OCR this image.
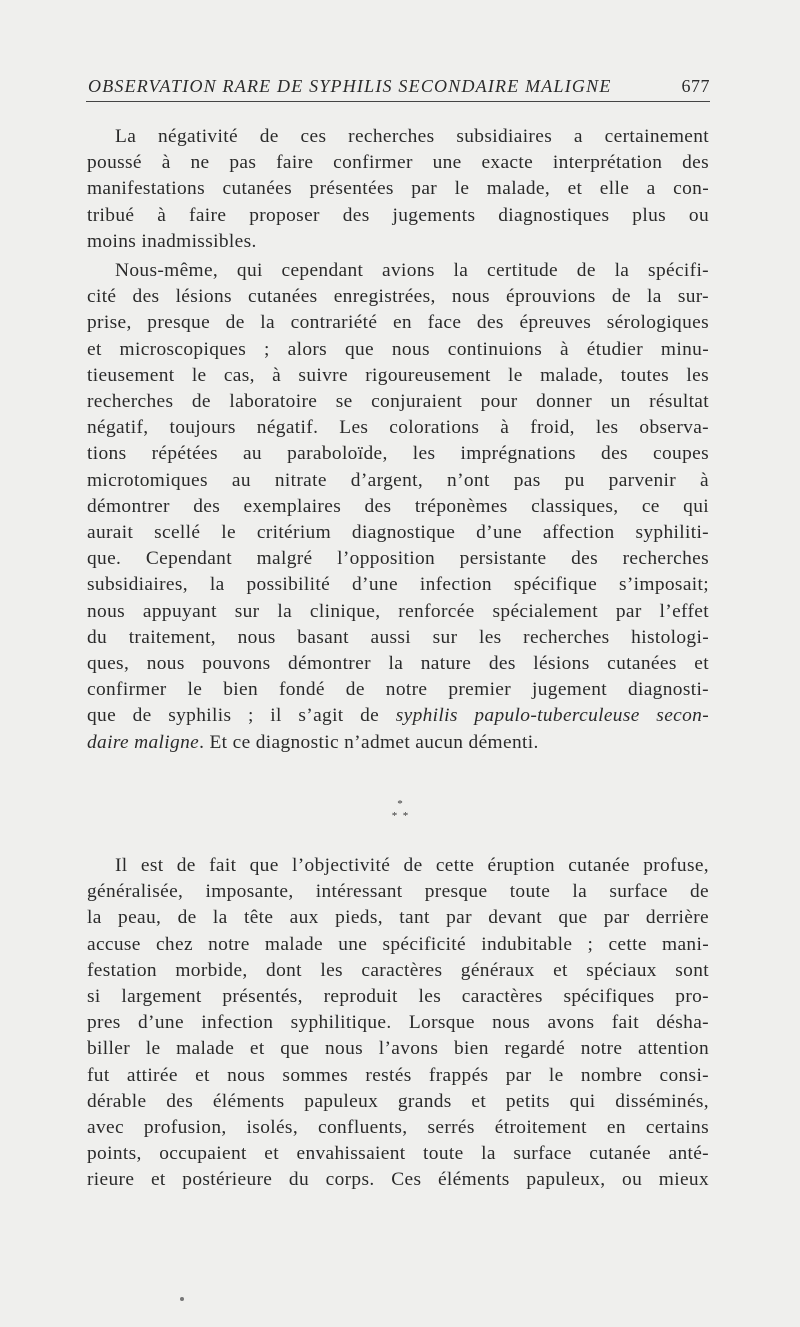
OBSERVATION RARE DE SYPHILIS SECONDAIRE MALIGNE	677
La négativité de ces recherches subsidiaires a certainement
poussé à ne pas faire confirmer une exacte interprétation des
manifestations cutanées présentées par le malade, et elle a con-
tribué à faire proposer des jugements diagnostiques plus ou
moins inadmissibles.
Nous-même, qui cependant avions la certitude de la spécifi-
cité des lésions cutanées enregistrées, nous éprouvions de la sur-
prise, presque de la contrariété en face des épreuves sérologiques
et microscopiques ; alors que nous continuions à étudier minu-
tieusement le cas, à suivre rigoureusement le malade, toutes les
recherches de laboratoire se conjuraient pour donner un résultat
négatif, toujours négatif. Les colorations à froid, les observa-
tions répétées au paraboloïde, les imprégnations des coupes
microtomiques au nitrate d’argent, n’ont pas pu parvenir à
démontrer des exemplaires des tréponèmes classiques, ce qui
aurait scellé le critérium diagnostique d’une affection syphiliti-
que. Cependant malgré l’opposition persistante des recherches
subsidiaires, la possibilité d’une infection spécifique s’imposait;
nous appuyant sur la clinique, renforcée spécialement par l’effet
du traitement, nous basant aussi sur les recherches histologi-
ques, nous pouvons démontrer la nature des lésions cutanées et
confirmer le bien fondé de notre premier jugement diagnosti-
que de syphilis ; il s’agit de syphilis papulo-tuberculeuse secon-
daire maligne. Et ce diagnostic n’admet aucun démenti.
*
*  *
Il est de fait que l’objectivité de cette éruption cutanée profuse,
généralisée, imposante, intéressant presque toute la surface de
la peau, de la tête aux pieds, tant par devant que par derrière
accuse chez notre malade une spécificité indubitable ; cette mani-
festation morbide, dont les caractères généraux et spéciaux sont
si largement présentés, reproduit les caractères spécifiques pro-
pres d’une infection syphilitique. Lorsque nous avons fait désha-
biller le malade et que nous l’avons bien regardé notre attention
fut attirée et nous sommes restés frappés par le nombre consi-
dérable des éléments papuleux grands et petits qui disséminés,
avec profusion, isolés, confluents, serrés étroitement en certains
points, occupaient et envahissaient toute la surface cutanée anté-
rieure et postérieure du corps. Ces éléments papuleux, ou mieux
